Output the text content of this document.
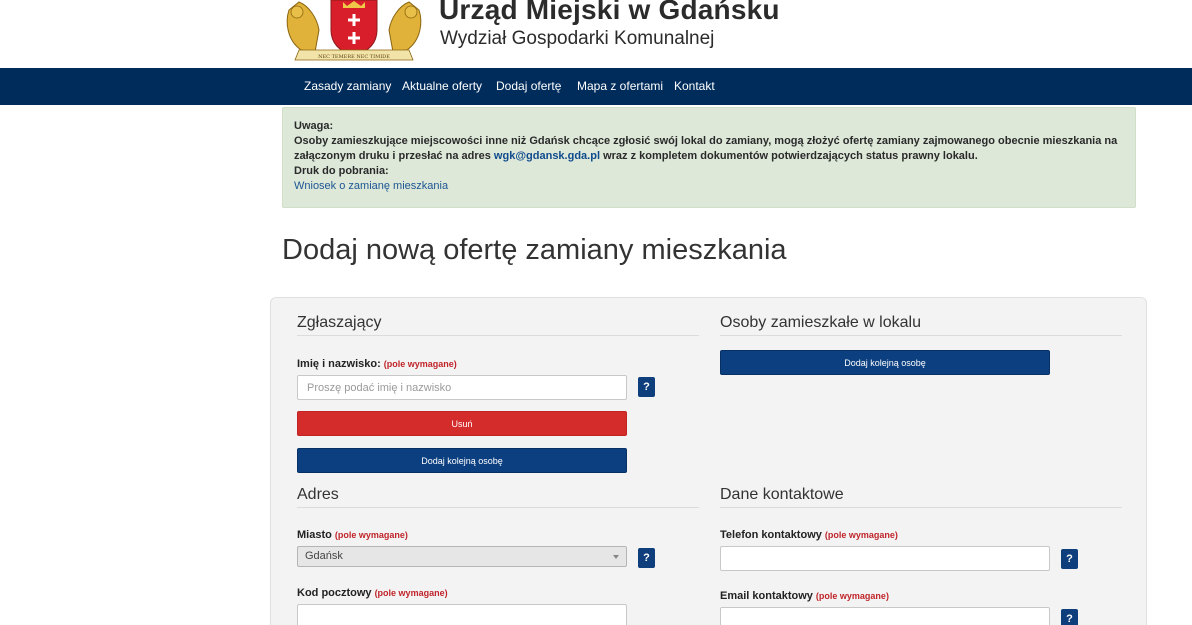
NEC TEMERE NEC TIMIDE
Urząd Miejski w Gdańsku
Wydział Gospodarki Komunalnej
Zasady zamiany Aktualne oferty Dodaj ofertę Mapa z ofertami Kontakt
Uwaga:
Osoby zamieszkujące miejscowości inne niż Gdańsk chcące zgłosić swój lokal do zamiany, mogą złożyć ofertę zamiany zajmowanego obecnie mieszkania na załączonym druku i przesłać na adres wgk@gdansk.gda.pl wraz z kompletem dokumentów potwierdzających status prawny lokalu.
Druk do pobrania:
Wniosek o zamianę mieszkania
Dodaj nową ofertę zamiany mieszkania
Zgłaszający
Imię i nazwisko: (pole wymagane)
Proszę podać imię i nazwisko
?
Usuń
Dodaj kolejną osobę
Osoby zamieszkałe w lokalu
Dodaj kolejną osobę
Adres
Miasto (pole wymagane)
Gdańsk	?
Kod pocztowy (pole wymagane)
Dane kontaktowe
Telefon kontaktowy (pole wymagane)
?
Email kontaktowy (pole wymagane)
?
